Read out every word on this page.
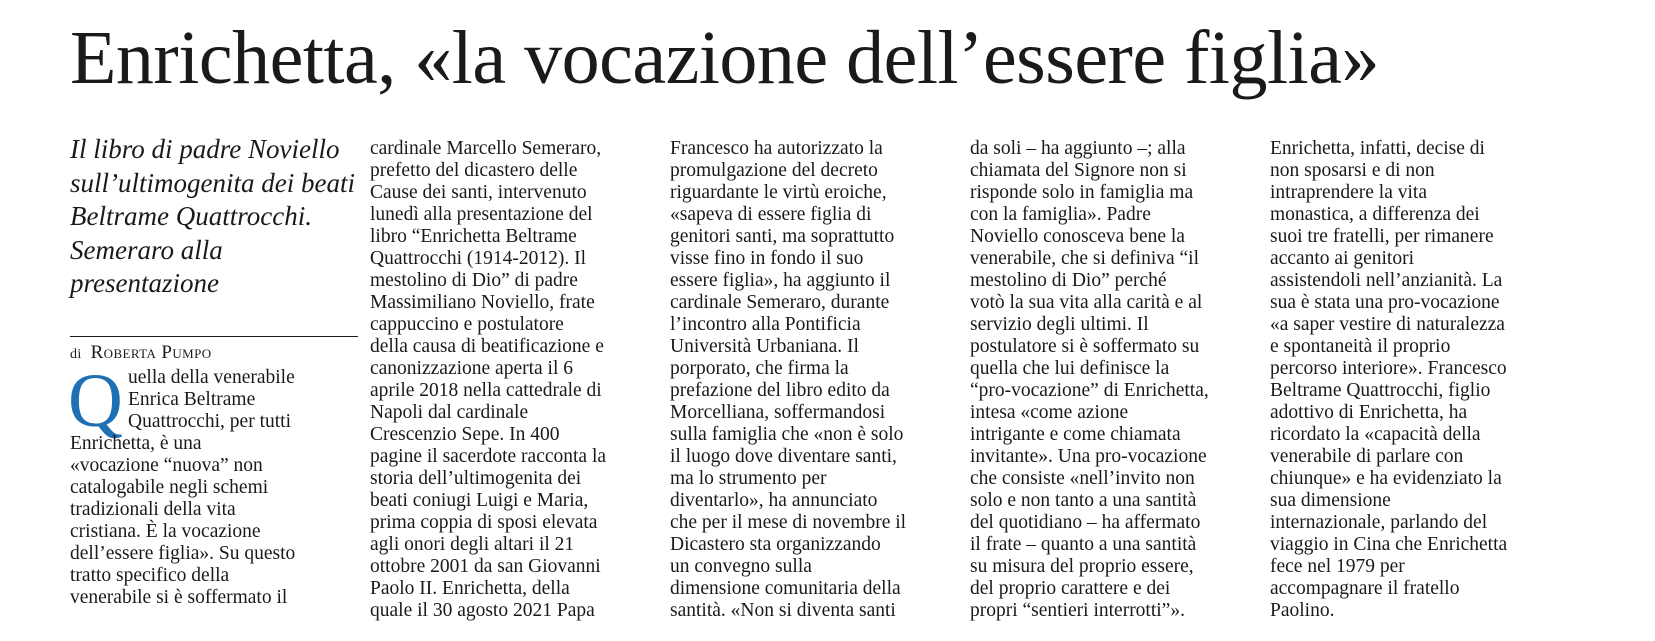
Enrichetta, «la vocazione dell’essere figlia»

Il libro di padre Noviello sull’ultimogenita dei beati Beltrame Quattrocchi. Semeraro alla presentazione

di Roberta Pumpo
Q uella della venerabile
Enrica Beltrame
Quattrocchi, per tutti
Enrichetta, è una
«vocazione “nuova” non
catalogabile negli schemi
tradizionali della vita
cristiana. È la vocazione
dell’essere figlia». Su questo
tratto specifico della
venerabile si è soffermato il
cardinale Marcello Semeraro,
prefetto del dicastero delle
Cause dei santi, intervenuto
lunedì alla presentazione del
libro “Enrichetta Beltrame
Quattrocchi (1914-2012). Il
mestolino di Dio” di padre
Massimiliano Noviello, frate
cappuccino e postulatore
della causa di beatificazione e
canonizzazione aperta il 6
aprile 2018 nella cattedrale di
Napoli dal cardinale
Crescenzio Sepe. In 400
pagine il sacerdote racconta la
storia dell’ultimogenita dei
beati coniugi Luigi e Maria,
prima coppia di sposi elevata
agli onori degli altari il 21
ottobre 2001 da san Giovanni
Paolo II. Enrichetta, della
quale il 30 agosto 2021 Papa
Francesco ha autorizzato la
promulgazione del decreto
riguardante le virtù eroiche,
«sapeva di essere figlia di
genitori santi, ma soprattutto
visse fino in fondo il suo
essere figlia», ha aggiunto il
cardinale Semeraro, durante
l’incontro alla Pontificia
Università Urbaniana. Il
porporato, che firma la
prefazione del libro edito da
Morcelliana, soffermandosi
sulla famiglia che «non è solo
il luogo dove diventare santi,
ma lo strumento per
diventarlo», ha annunciato
che per il mese di novembre il
Dicastero sta organizzando
un convegno sulla
dimensione comunitaria della
santità. «Non si diventa santi
da soli – ha aggiunto –; alla
chiamata del Signore non si
risponde solo in famiglia ma
con la famiglia». Padre
Noviello conosceva bene la
venerabile, che si definiva “il
mestolino di Dio” perché
votò la sua vita alla carità e al
servizio degli ultimi. Il
postulatore si è soffermato su
quella che lui definisce la
“pro-vocazione” di Enrichetta,
intesa «come azione
intrigante e come chiamata
invitante». Una pro-vocazione
che consiste «nell’invito non
solo e non tanto a una santità
del quotidiano – ha affermato
il frate – quanto a una santità
su misura del proprio essere,
del proprio carattere e dei
propri “sentieri interrotti”».
Enrichetta, infatti, decise di
non sposarsi e di non
intraprendere la vita
monastica, a differenza dei
suoi tre fratelli, per rimanere
accanto ai genitori
assistendoli nell’anzianità. La
sua è stata una pro-vocazione
«a saper vestire di naturalezza
e spontaneità il proprio
percorso interiore». Francesco
Beltrame Quattrocchi, figlio
adottivo di Enrichetta, ha
ricordato la «capacità della
venerabile di parlare con
chiunque» e ha evidenziato la
sua dimensione
internazionale, parlando del
viaggio in Cina che Enrichetta
fece nel 1979 per
accompagnare il fratello
Paolino.
